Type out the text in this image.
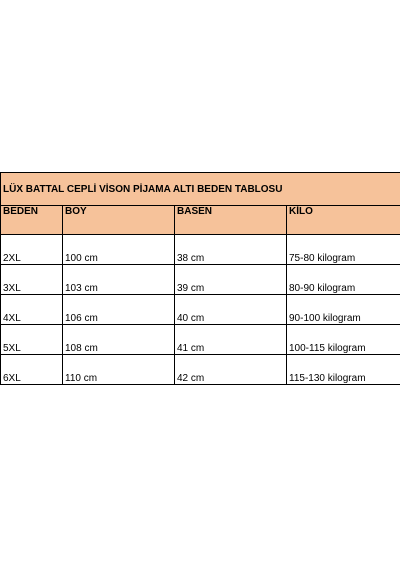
LÜX BATTAL CEPLİ VİSON PİJAMA ALTI BEDEN TABLOSU			
BEDEN	BOY	BASEN	KİLO
2XL	100 cm	38 cm	75-80 kilogram
3XL	103 cm	39 cm	80-90 kilogram
4XL	106 cm	40 cm	90-100 kilogram
5XL	108 cm	41 cm	100-115 kilogram
6XL	110 cm	42 cm	115-130 kilogram
